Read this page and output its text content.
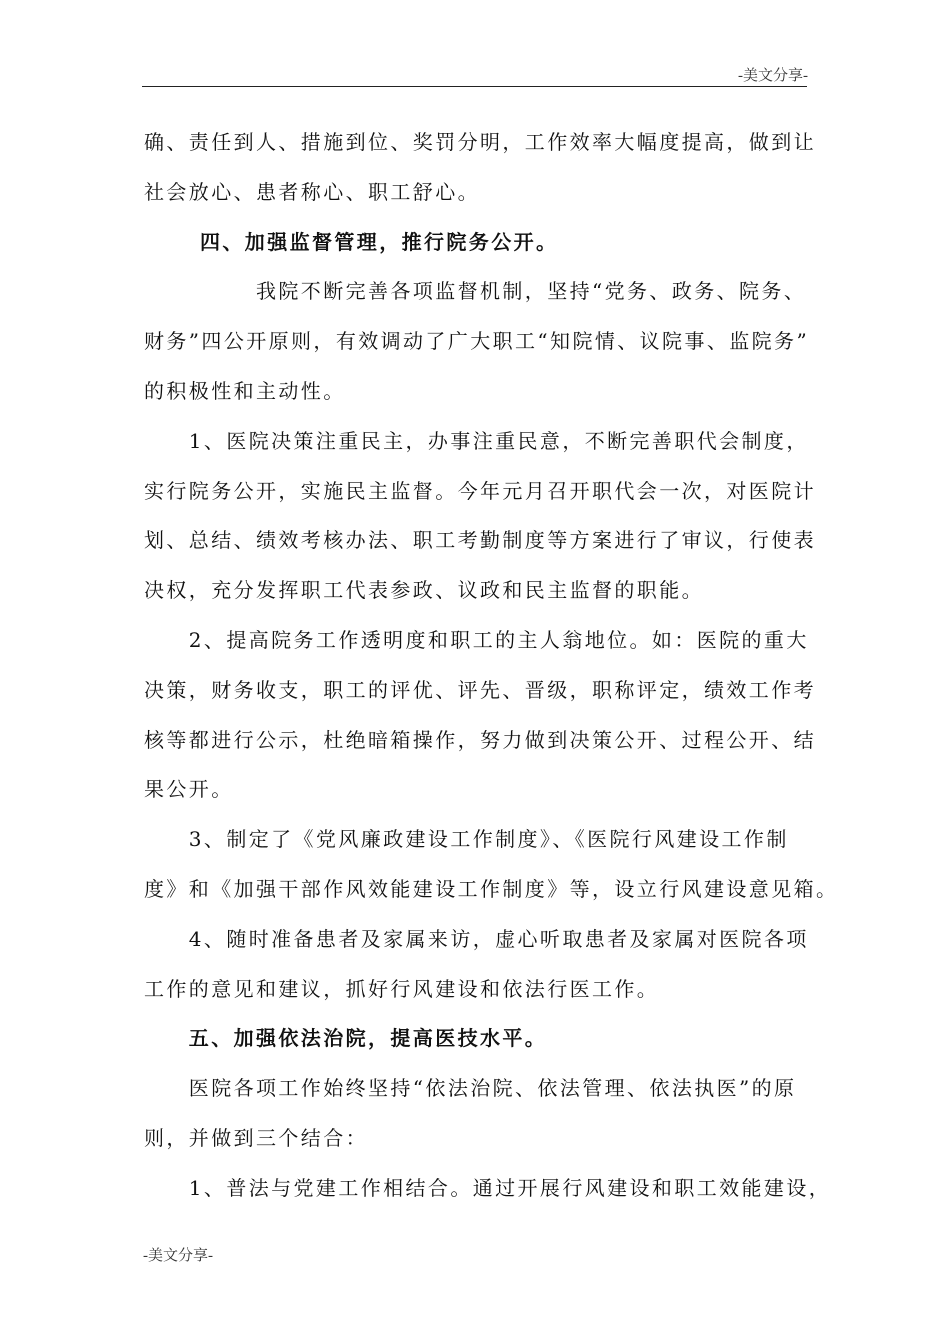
-美文分享-
确、责任到人、措施到位、奖罚分明，工作效率大幅度提高，做到让
社会放心、患者称心、职工舒心。
四、加强监督管理，推行院务公开。
我院不断完善各项监督机制，坚持“党务、政务、院务、
财务”四公开原则，有效调动了广大职工“知院情、议院事、监院务”
的积极性和主动性。
1、医院决策注重民主，办事注重民意，不断完善职代会制度，
实行院务公开，实施民主监督。今年元月召开职代会一次，对医院计
划、总结、绩效考核办法、职工考勤制度等方案进行了审议，行使表
决权，充分发挥职工代表参政、议政和民主监督的职能。
2、提高院务工作透明度和职工的主人翁地位。如：医院的重大
决策，财务收支，职工的评优、评先、晋级，职称评定，绩效工作考
核等都进行公示，杜绝暗箱操作，努力做到决策公开、过程公开、结
果公开。
3、制定了《党风廉政建设工作制度》、《医院行风建设工作制
度》和《加强干部作风效能建设工作制度》等，设立行风建设意见箱。
4、随时准备患者及家属来访，虚心听取患者及家属对医院各项
工作的意见和建议，抓好行风建设和依法行医工作。
五、加强依法治院，提高医技水平。
医院各项工作始终坚持“依法治院、依法管理、依法执医”的原
则，并做到三个结合：
1、普法与党建工作相结合。通过开展行风建设和职工效能建设，
-美文分享-
